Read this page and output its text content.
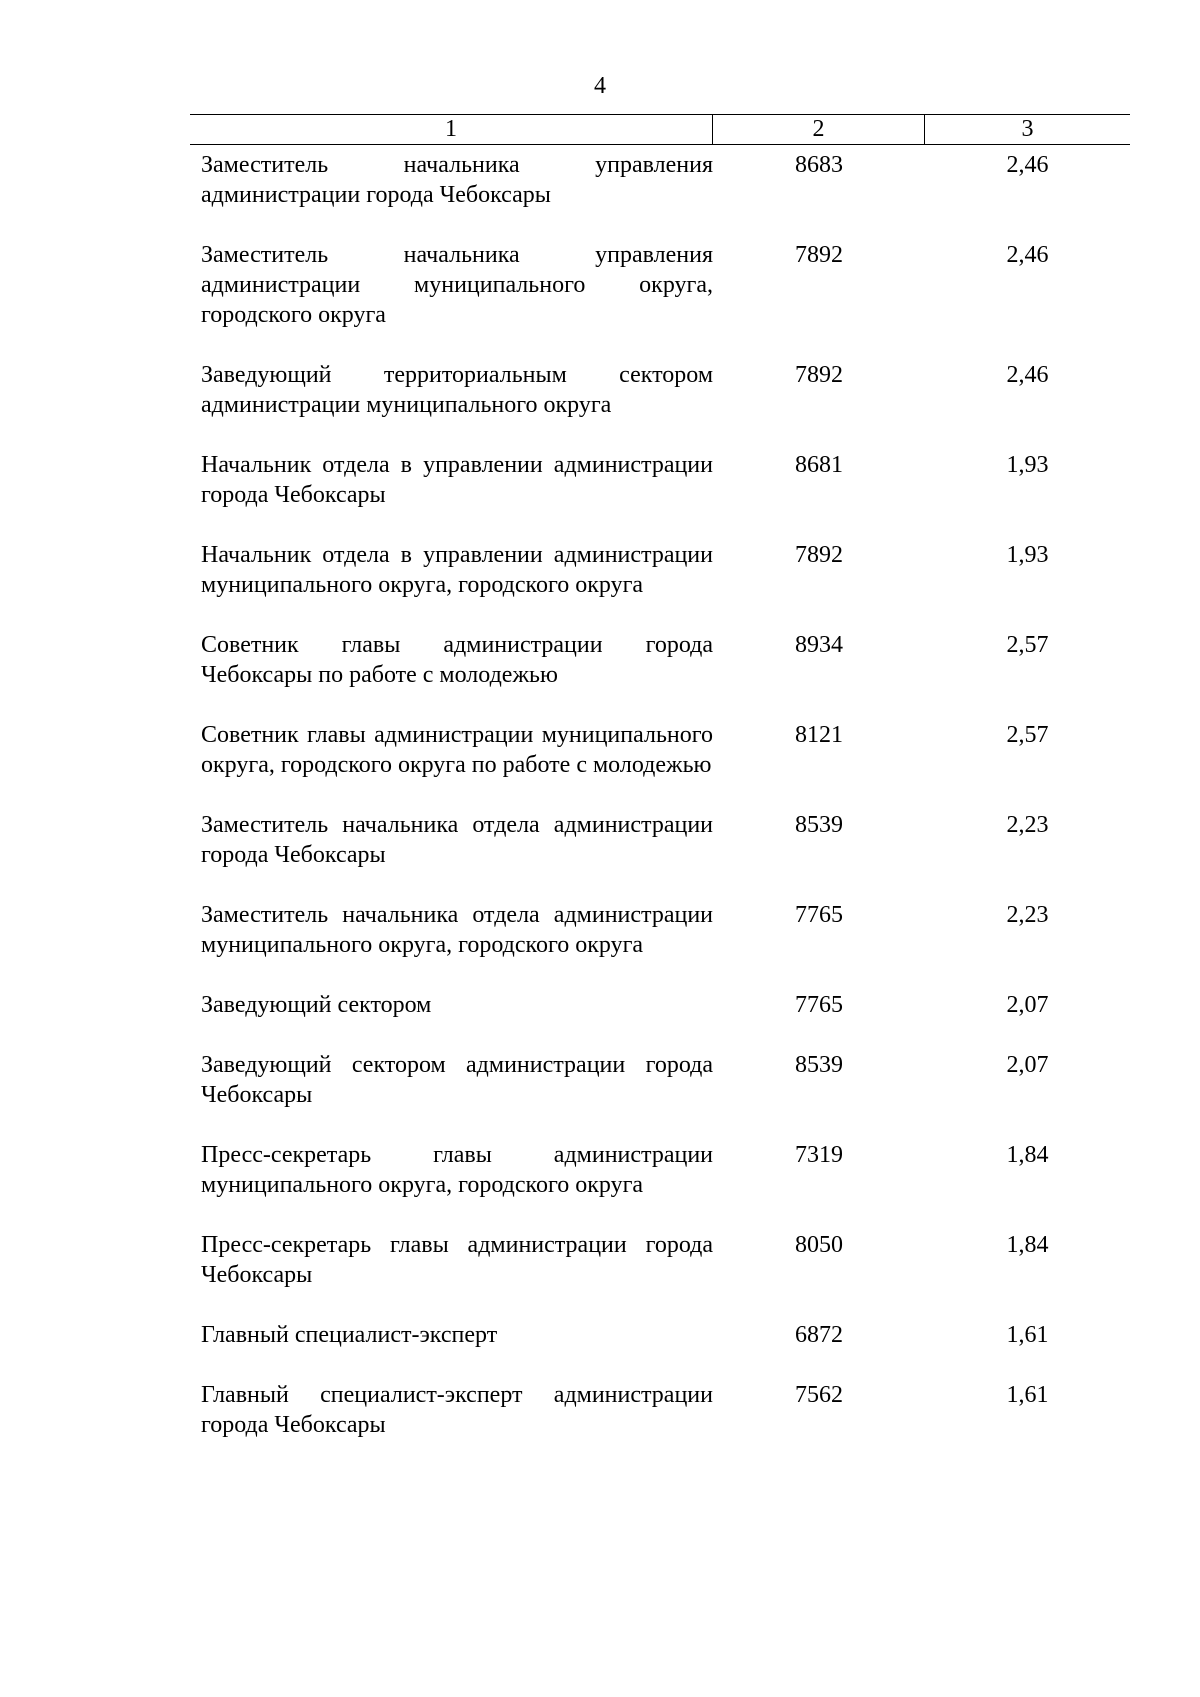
4
1	2	3
Заместитель начальника управления администрации города Чебоксары
8683	2,46
Заместитель начальника управления администрации муниципального округа, городского округа
7892	2,46
Заведующий территориальным сектором администрации муниципального округа
7892	2,46
Начальник отдела в управлении администрации города Чебоксары
8681	1,93
Начальник отдела в управлении администрации муниципального округа, городского округа
7892	1,93
Советник главы администрации города Чебоксары по работе с молодежью
8934	2,57
Советник главы администрации муниципального округа, городского округа по работе с молодежью
8121	2,57
Заместитель начальника отдела администрации города Чебоксары
8539	2,23
Заместитель начальника отдела администрации муниципального округа, городского округа
7765	2,23
Заведующий сектором	7765	2,07
Заведующий сектором администрации города Чебоксары
8539	2,07
Пресс-секретарь главы администрации муниципального округа, городского округа
7319	1,84
Пресс-секретарь главы администрации города Чебоксары
8050	1,84
Главный специалист-эксперт	6872	1,61
Главный специалист-эксперт администрации города Чебоксары
7562	1,61
